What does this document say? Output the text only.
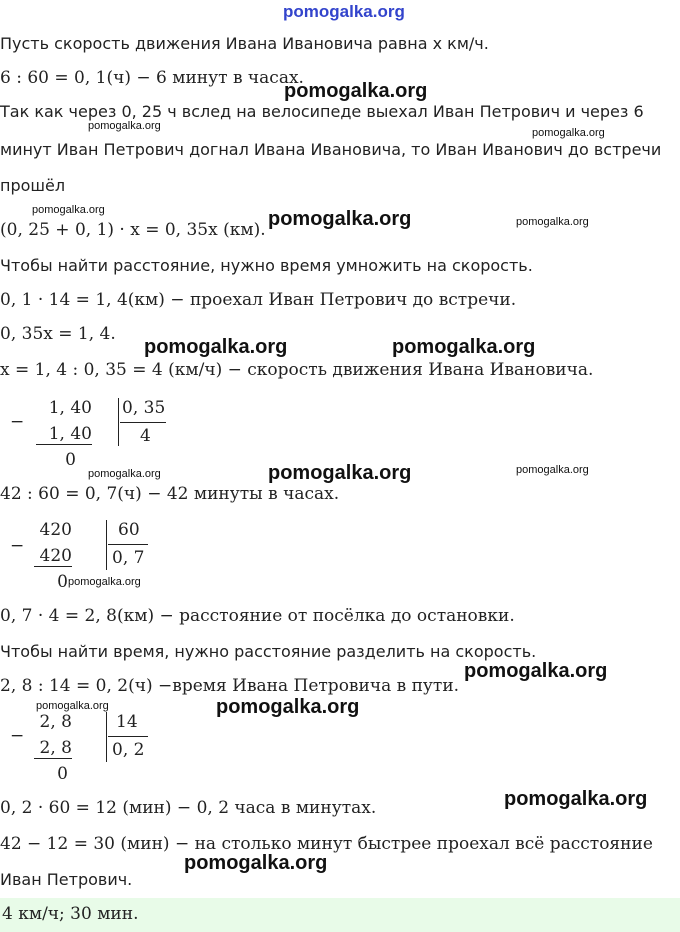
pomogalka.org
Пусть скорость движения Ивана Ивановича равна x км/ч.
6 : 60 = 0, 1(ч) − 6 минут в часах.
Так как через 0, 25 ч вслед на велосипеде выехал Иван Петрович и через 6
минут Иван Петрович догнал Ивана Ивановича, то Иван Иванович до встречи
прошёл
(0, 25 + 0, 1) · x = 0, 35x (км).
Чтобы найти расстояние, нужно время умножить на скорость.
0, 1 · 14 = 1, 4(км) − проехал Иван Петрович до встречи.
0, 35x = 1, 4.
x = 1, 4 : 0, 35 = 4 (км/ч) − скорость движения Ивана Ивановича.
−
1, 40
1, 40
0
0, 35
4
42 : 60 = 0, 7(ч) − 42 минуты в часах.
−
420
420
0
60
0, 7
0, 7 · 4 = 2, 8(км) − расстояние от посёлка до остановки.
Чтобы найти время, нужно расстояние разделить на скорость.
2, 8 : 14 = 0, 2(ч) −время Ивана Петровича в пути.
−
2, 8
2, 8
0
14
0, 2
0, 2 · 60 = 12 (мин) − 0, 2 часа в минутах.
42 − 12 = 30 (мин) − на столько минут быстрее проехал всё расстояние
Иван Петрович.
4 км/ч; 30 мин.
pomogalka.org
pomogalka.org
pomogalka.org
pomogalka.org	pomogalka.org	pomogalka.org
pomogalka.org	pomogalka.org
pomogalka.org	pomogalka.org	pomogalka.org
pomogalka.org
pomogalka.org
pomogalka.org	pomogalka.org
pomogalka.org
pomogalka.org
